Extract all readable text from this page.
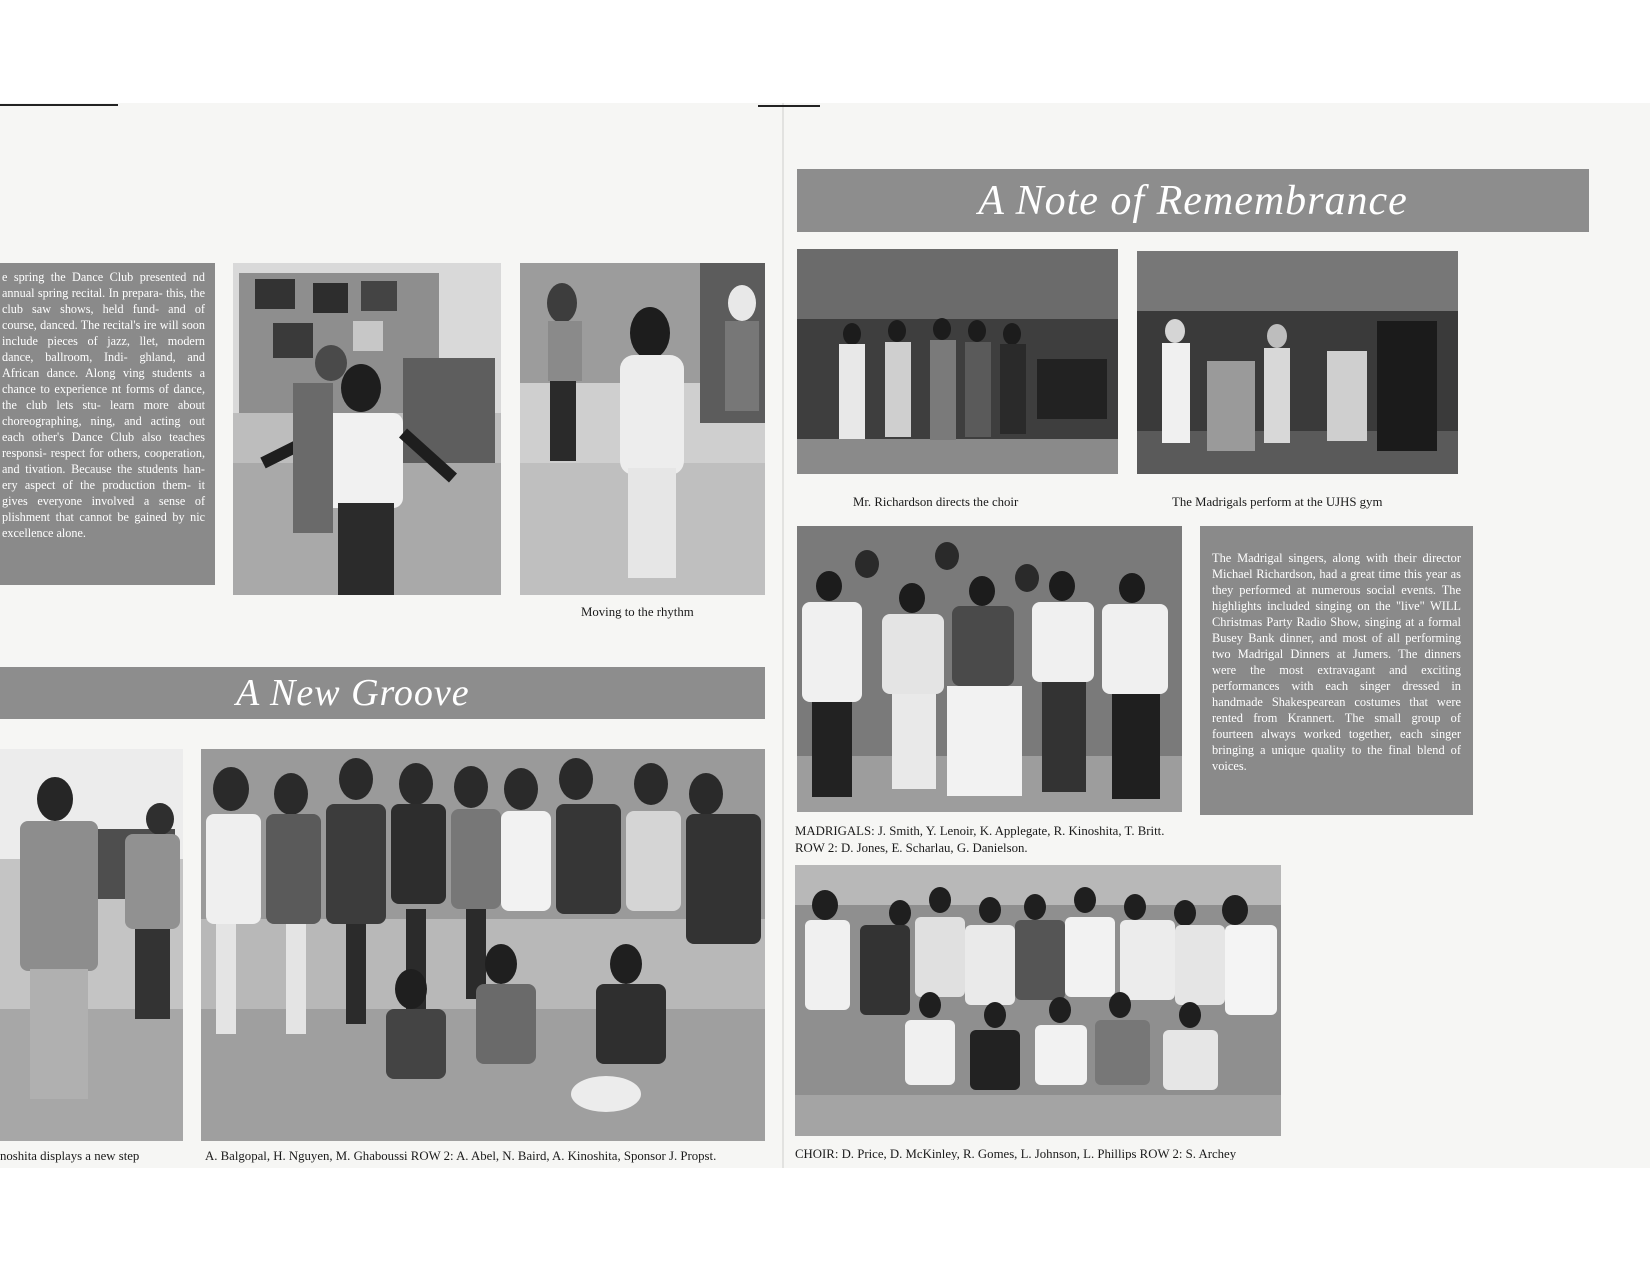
e spring the Dance Club presented nd annual spring recital. In prepara- this, the club saw shows, held fund- and of course, danced. The recital's ire will soon include pieces of jazz, llet, modern dance, ballroom, Indi- ghland, and African dance. Along ving students a chance to experience nt forms of dance, the club lets stu- learn more about choreographing, ning, and acting out each other's Dance Club also teaches responsi- respect for others, cooperation, and tivation. Because the students han- ery aspect of the production them- it gives everyone involved a sense of plishment that cannot be gained by nic excellence alone.
Moving to the rhythm
A New Groove
noshita displays a new step	A. Balgopal, H. Nguyen, M. Ghaboussi ROW 2: A. Abel, N. Baird, A. Kinoshita, Sponsor J. Propst.
A Note of Remembrance
Mr. Richardson directs the choir	The Madrigals perform at the UJHS gym
The Madrigal singers, along with their director Michael Richardson, had a great time this year as they performed at numerous social events. The highlights included singing on the "live" WILL Christmas Party Radio Show, singing at a formal Busey Bank dinner, and most of all performing two Madrigal Dinners at Jumers. The dinners were the most extravagant and exciting performances with each singer dressed in handmade Shakespearean costumes that were rented from Krannert. The small group of fourteen always worked together, each singer bringing a unique quality to the final blend of voices.
MADRIGALS: J. Smith, Y. Lenoir, K. Applegate, R. Kinoshita, T. Britt. ROW 2: D. Jones, E. Scharlau, G. Danielson.
CHOIR: D. Price, D. McKinley, R. Gomes, L. Johnson, L. Phillips ROW 2: S. Archey
